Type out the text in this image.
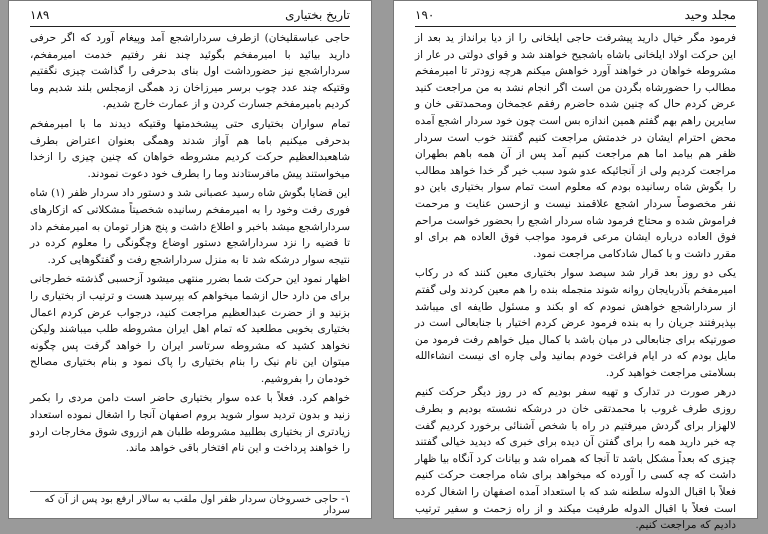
تاریخ بختیاری
۱۸۹

حاجی عباسقلیخان) ازطرف سرداراشجع آمد وپیغام آورد که اگر حرفی دارید بیائید با امیرمفخم بگوئید چند نفر رفتیم خدمت امیرمفخم، سرداراشجع نیز حضورداشت اول بنای بدحرفی را گذاشت چیزی نگفتیم وقتیکه چند عدد چوب برسر میرزاخان زد همگی ازمجلس بلند شدیم وما کردیم بامیرمفخم جسارت کردن و از عمارت خارج شدیم.

تمام سواران بختیاری حتی پیشخدمتها وقتیکه دیدند ما با امیرمفخم بدحرفی میکنیم باما هم آواز شدند وهمگی بعنوان اعتراض بطرف شاهعبدالعظیم حرکت کردیم مشروطه خواهان که چنین چیزی را ازخدا میخواستند پیش مافرستادند وما را بطرف خود دعوت نمودند.

این قضایا بگوش شاه رسید عصبانی شد و دستور داد سردار ظفر (۱) شاه فوری رفت وخود را به امیرمفخم رسانیده شخصیتاً مشکلاتی که ازکارهای سرداراشجع میشد باخبر و اطلاع داشت و پنج هزار تومان به امیرمفخم داد تا قضیه را نزد سرداراشجع دستور اوضاع وچگونگی را معلوم کرده در نتیجه سوار درشکه شد تا به منزل سرداراشجع رفت و گفتگوهایی کرد.

اظهار نمود این حرکت شما بضرر منتهی میشود آزحسبی گذشته خطرجانی برای من دارد حال ازشما میخواهم که بپرسید هست و ترتیب از بختیاری را بزنید و از حضرت عبدالعظیم مراجعت کنید، درجواب عرض کردم اعمال بختیاری بخوبی مطلعید که تمام اهل ایران مشروطه طلب میباشند ولیکن نخواهد کشید که مشروطه سرتاسر ایران را خواهد گرفت پس چگونه میتوان این نام نیک را بنام بختیاری را پاک نمود و بنام بختیاری مصالح خودمان را بفروشیم.

خواهم کرد. فعلاً با عده سوار بختیاری حاضر است دامن مردی را بکمر زنید و بدون تردید سوار شوید بروم اصفهان آنجا را اشغال نموده استعداد زیادتری از بختیاری بطلبید مشروطه طلبان هم ازروی شوق مخارجات اردو را خواهند پرداخت و این نام افتخار باقی خواهد ماند.

۱- حاجی خسروخان سردار ظفر اول ملقب به سالار ارفع بود پس از آن که سردار
مجلد وحید
۱۹۰

فرمود مگر خیال دارید پیشرفت حاجی ایلخانی را از دیا برانداز ید بعد از این حرکت اولاد ایلخانی باشاه باشجیح خواهند شد و قوای دولتی در عار از مشروطه خواهان در خواهند آورد خواهش میکنم هرچه زودتر تا امیرمفخم مطالب را حضورشاه بگردن من است اگر انجام نشد به من مراجعت کنید عرض کردم حال که چنین شده حاضرم رفقم عجمخان ومحمدتقی خان و سایرین راهم بهم گفتم همین اندازه بس است چون خود سردار اشجع آمده محض احترام ایشان در خدمتش مراجعت کنیم گفتند خوب است سردار ظفر هم بیامد اما هم مراجعت کنیم آمد پس از آن همه باهم بطهران مراجعت کردیم ولی از آنجائیکه عدو شود سبب خیر گر خدا خواهد مطالب را بگوش شاه رسانیده بودم که معلوم است تمام سوار بختیاری باین دو نفر مخصوصاً سردار اشجع علاقمند نیست و ازحسن عنایت و مرحمت فراموش شده و محتاج فرمود شاه سردار اشجع را بحضور خواست مراحم فوق العاده درباره ایشان مرعی فرمود مواجب فوق العاده هم برای او مقرر داشت و با کمال شادکامی مراجعت نمود.

یکی دو روز بعد قرار شد سیصد سوار بختیاری معین کنند که در رکاب امیرمفخم بآذربایجان روانه شوند منجمله بنده را هم معین کردند ولی گفتم از سرداراشجع خواهش نمودم که او بکند و مسئول طایفه ای میباشد بپذیرفتند جریان را به بنده فرمود عرض کردم اختیار با جنابعالی است در صورتیکه برای جنابعالی در میان باشد با کمال میل خواهم رفت فرمود من مایل بودم که در ایام فراغت خودم بمانید ولی چاره ای نیست انشاءالله بسلامتی مراجعت خواهید کرد.

درهر صورت در تدارک و تهیه سفر بودیم که در روز دیگر حرکت کنیم روزی طرف غروب با محمدتقی خان در درشکه نشسته بودیم و بطرف لالهزار برای گردش میرفتیم در راه با شخص آشنائی برخورد کردیم گفت چه خبر دارید همه را برای گفتن آن دیده برای خبری که دیدید خیالی گفتند چیزی که بعداً مشکل باشد تا آنجا که همراه شد و بیانات کرد آنگاه بیا ظهار داشت که چه کسی را آورده که میخواهد برای شاه مراجعت حرکت کنیم فعلاً با اقبال الدوله سلطنه شد که با استعداد آمده اصفهان را اشغال کرده است فعلاً با اقبال الدوله طرفیت میکند و از راه زحمت و سفیر ترتیب دادیم که مراجعت کنیم.
